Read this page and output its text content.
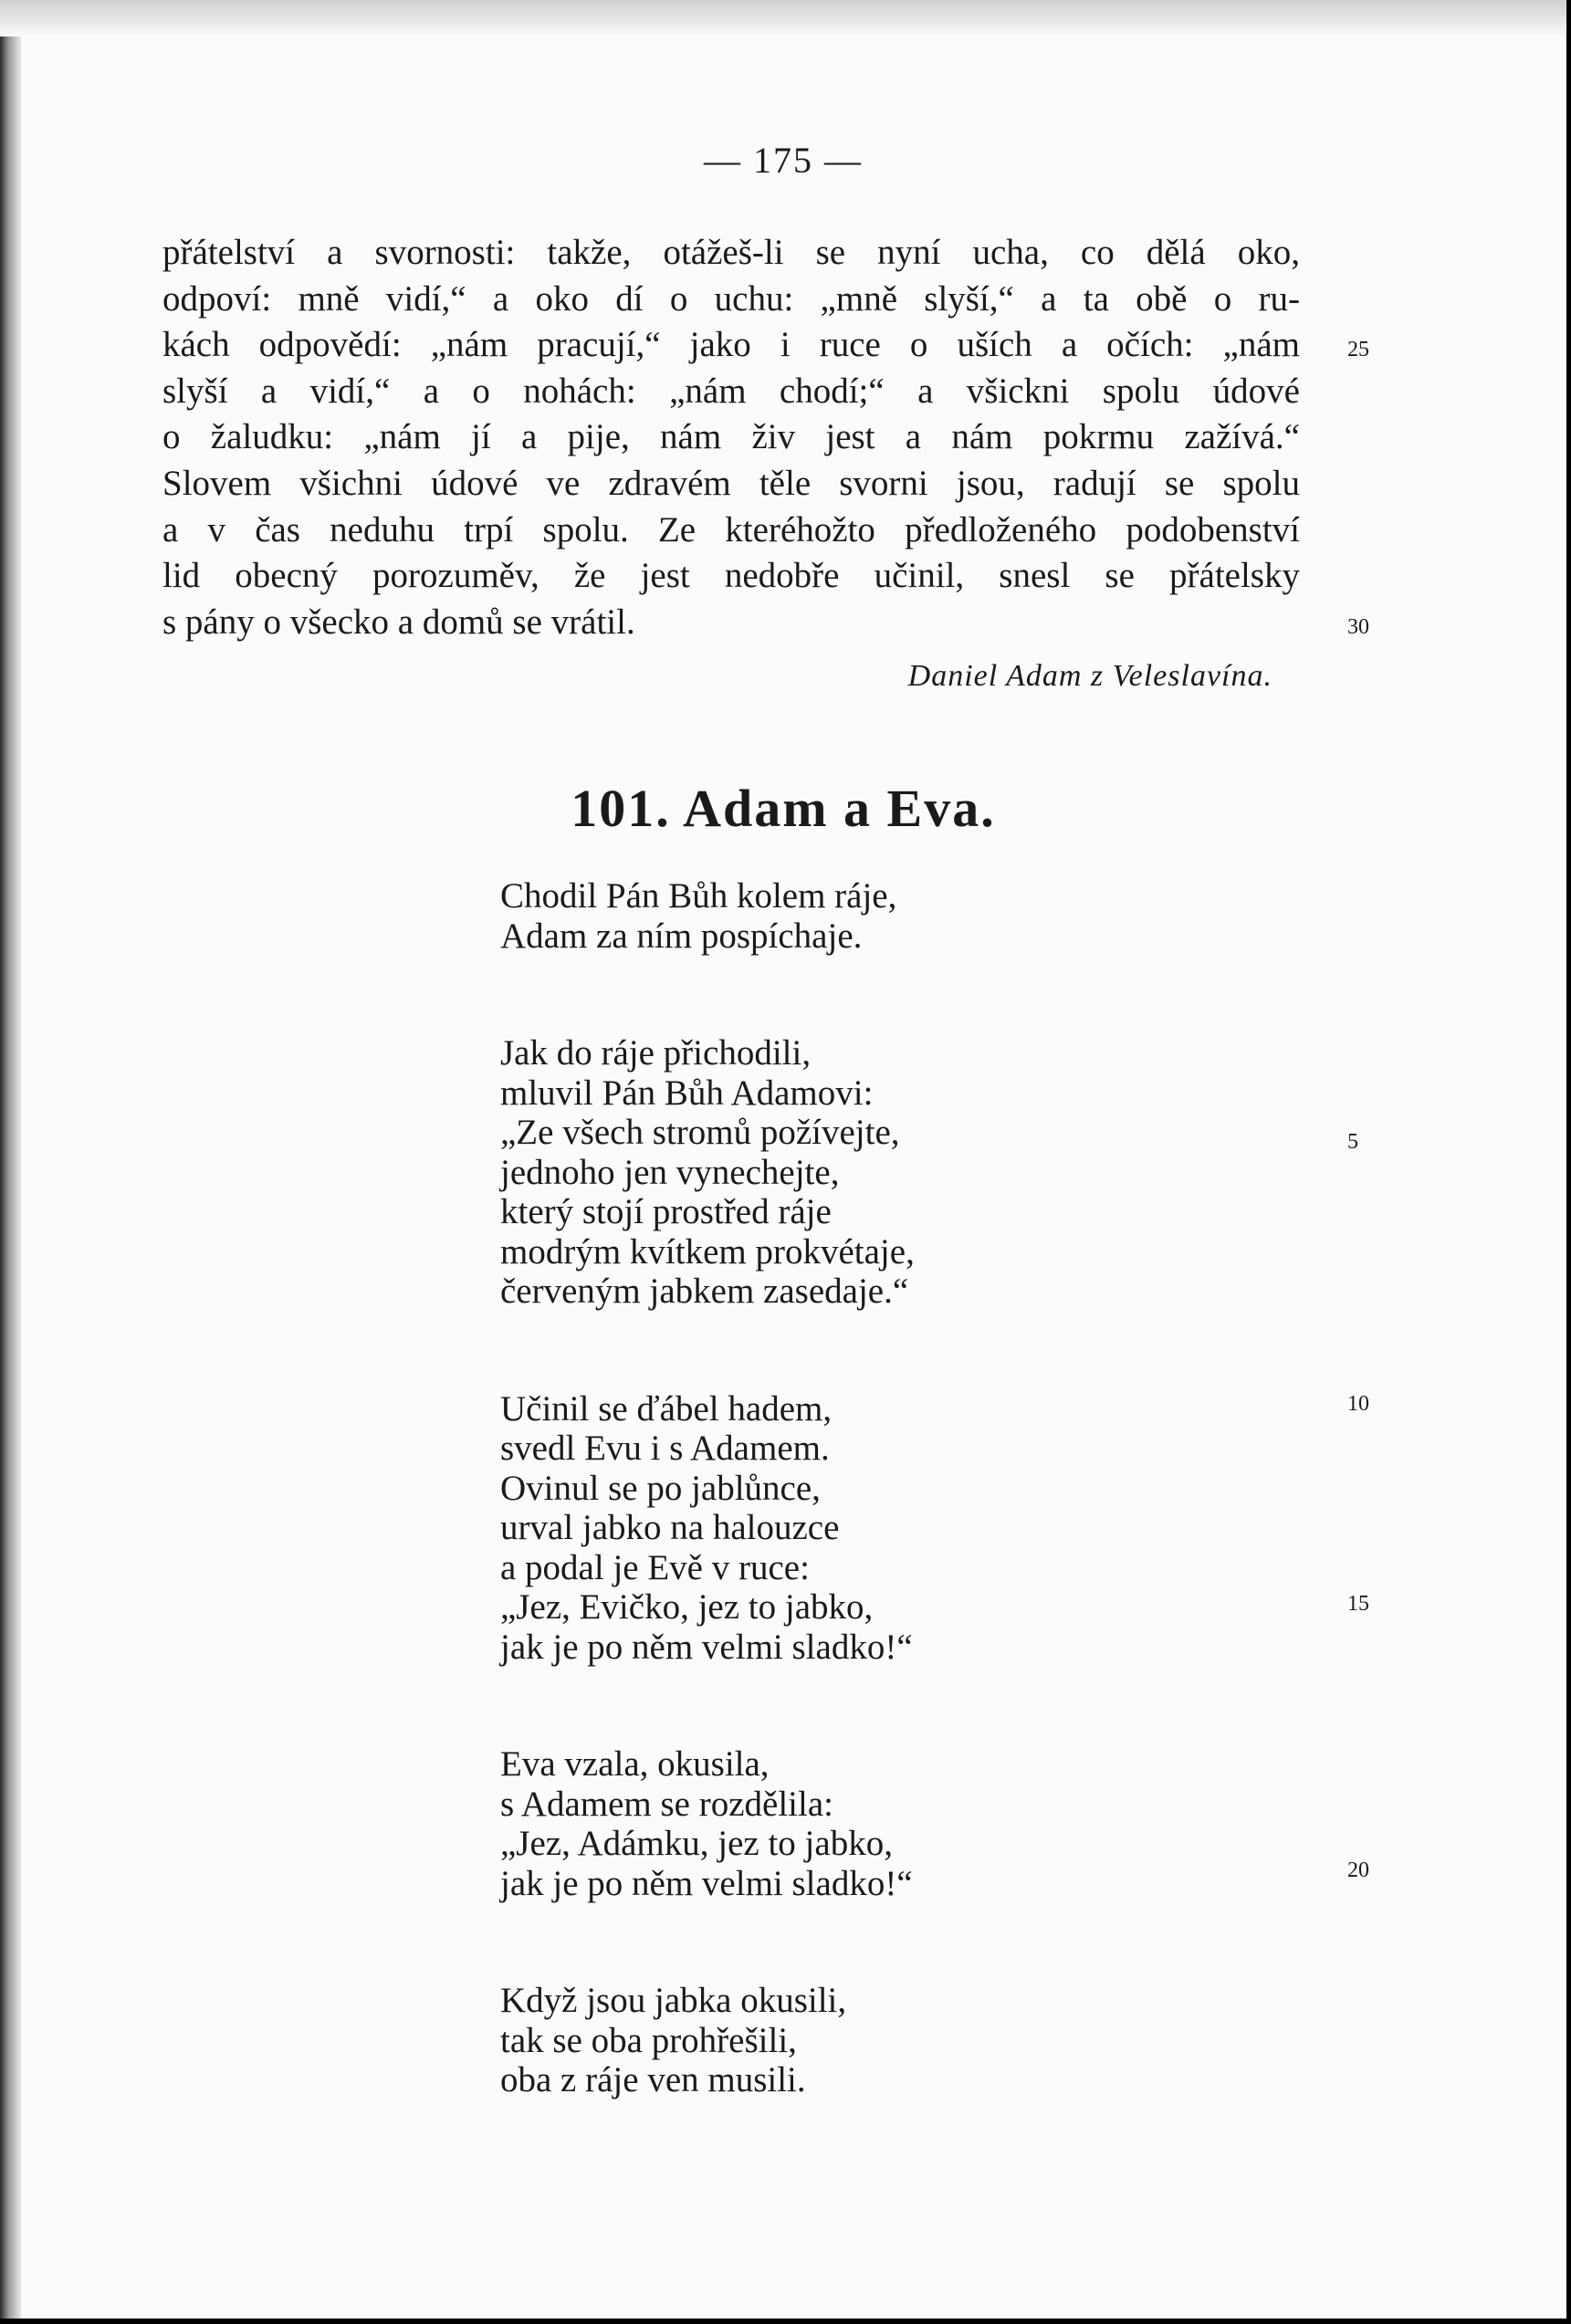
— 175 —
přátelství a svornosti: takže, otážeš-li se nyní ucha, co dělá oko,
odpoví: mně vidí,“ a oko dí o uchu: „mně slyší,“ a ta obě o ru-
kách odpovědí: „nám pracují,“ jako i ruce o uších a očích: „nám
slyší a vidí,“ a o nohách: „nám chodí;“ a všickni spolu údové
o žaludku: „nám jí a pije, nám živ jest a nám pokrmu zažívá.“
Slovem všichni údové ve zdravém těle svorni jsou, radují se spolu
a v čas neduhu trpí spolu. Ze kteréhožto předloženého podobenství
lid obecný porozuměv, že jest nedobře učinil, snesl se přátelsky
s pány o všecko a domů se vrátil.
Daniel Adam z Veleslavína.
101. Adam a Eva.
Chodil Pán Bůh kolem ráje,
Adam za ním pospíchaje.
Jak do ráje přichodili,
mluvil Pán Bůh Adamovi:
„Ze všech stromů požívejte,
jednoho jen vynechejte,
který stojí prostřed ráje
modrým kvítkem prokvétaje,
červeným jabkem zasedaje.“
Učinil se ďábel hadem,
svedl Evu i s Adamem.
Ovinul se po jablůnce,
urval jabko na halouzce
a podal je Evě v ruce:
„Jez, Evičko, jez to jabko,
jak je po něm velmi sladko!“
Eva vzala, okusila,
s Adamem se rozdělila:
„Jez, Adámku, jez to jabko,
jak je po něm velmi sladko!“
Když jsou jabka okusili,
tak se oba prohřešili,
oba z ráje ven musili.
25
30
5
10
15
20
